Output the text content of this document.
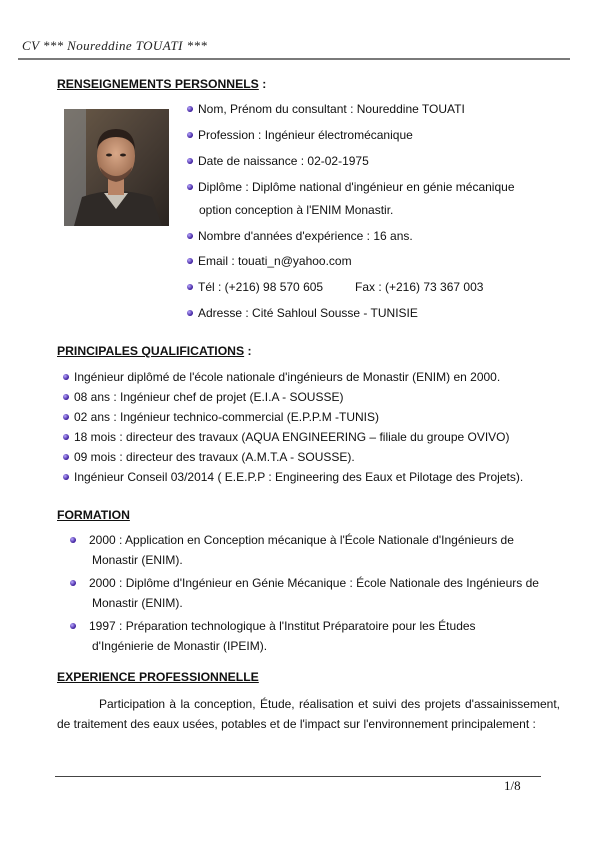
CV *** Noureddine TOUATI ***
RENSEIGNEMENTS PERSONNELS :
Nom, Prénom du consultant : Noureddine TOUATI
Profession : Ingénieur électromécanique
Date de naissance : 02-02-1975
Diplôme : Diplôme national d'ingénieur en génie mécanique
option conception à l'ENIM Monastir.
Nombre d'années d'expérience : 16 ans.
Email : touati_n@yahoo.com
Tél : (+216) 98 570 605	Fax : (+216) 73 367 003
Adresse : Cité Sahloul Sousse - TUNISIE
PRINCIPALES QUALIFICATIONS :
Ingénieur diplômé de l'école nationale d'ingénieurs de Monastir (ENIM) en 2000.
08 ans : Ingénieur chef de projet (E.I.A - SOUSSE)
02 ans : Ingénieur technico-commercial (E.P.P.M -TUNIS)
18 mois : directeur des travaux (AQUA ENGINEERING – filiale du groupe OVIVO)
09 mois : directeur des travaux (A.M.T.A - SOUSSE).
Ingénieur Conseil 03/2014 ( E.E.P.P : Engineering des Eaux et Pilotage des Projets).
FORMATION
2000 : Application en Conception mécanique à l'École Nationale d'Ingénieurs de
Monastir (ENIM).
2000 : Diplôme d'Ingénieur en Génie Mécanique : École Nationale des Ingénieurs de
Monastir (ENIM).
1997 : Préparation technologique à l'Institut Préparatoire pour les Études
d'Ingénierie de Monastir (IPEIM).
EXPERIENCE PROFESSIONNELLE
Participation à la conception, Étude, réalisation et suivi des projets d'assainissement, de traitement des eaux usées, potables et de l'impact sur l'environnement principalement :
1/8
